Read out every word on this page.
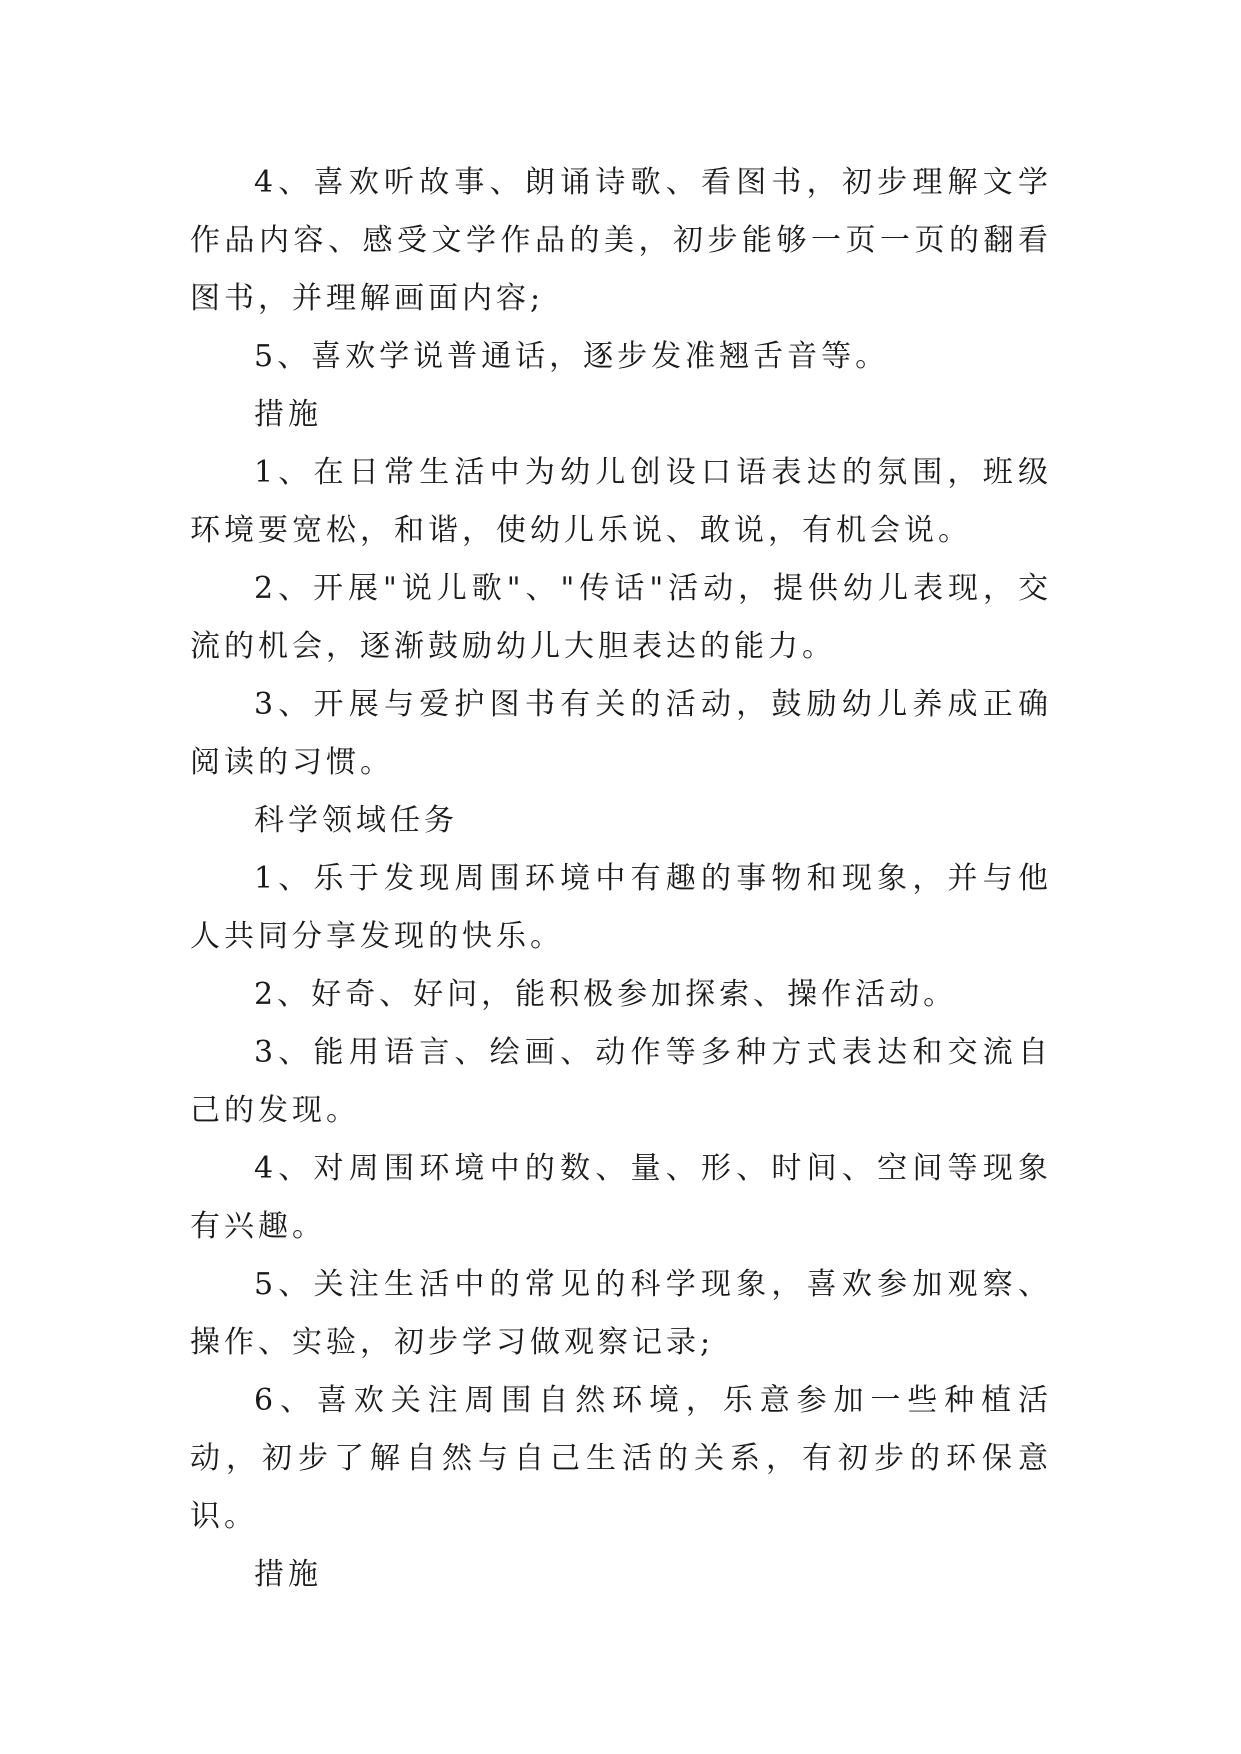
4、喜欢听故事、朗诵诗歌、看图书，初步理解文学作品内容、感受文学作品的美，初步能够一页一页的翻看图书，并理解画面内容;

5、喜欢学说普通话，逐步发准翘舌音等。

措施

1、在日常生活中为幼儿创设口语表达的氛围，班级环境要宽松，和谐，使幼儿乐说、敢说，有机会说。

2、开展"说儿歌"、"传话"活动，提供幼儿表现，交流的机会，逐渐鼓励幼儿大胆表达的能力。

3、开展与爱护图书有关的活动，鼓励幼儿养成正确阅读的习惯。

科学领域任务

1、乐于发现周围环境中有趣的事物和现象，并与他人共同分享发现的快乐。

2、好奇、好问，能积极参加探索、操作活动。

3、能用语言、绘画、动作等多种方式表达和交流自己的发现。

4、对周围环境中的数、量、形、时间、空间等现象有兴趣。

5、关注生活中的常见的科学现象，喜欢参加观察、操作、实验，初步学习做观察记录;

6、喜欢关注周围自然环境，乐意参加一些种植活动，初步了解自然与自己生活的关系，有初步的环保意识。

措施
